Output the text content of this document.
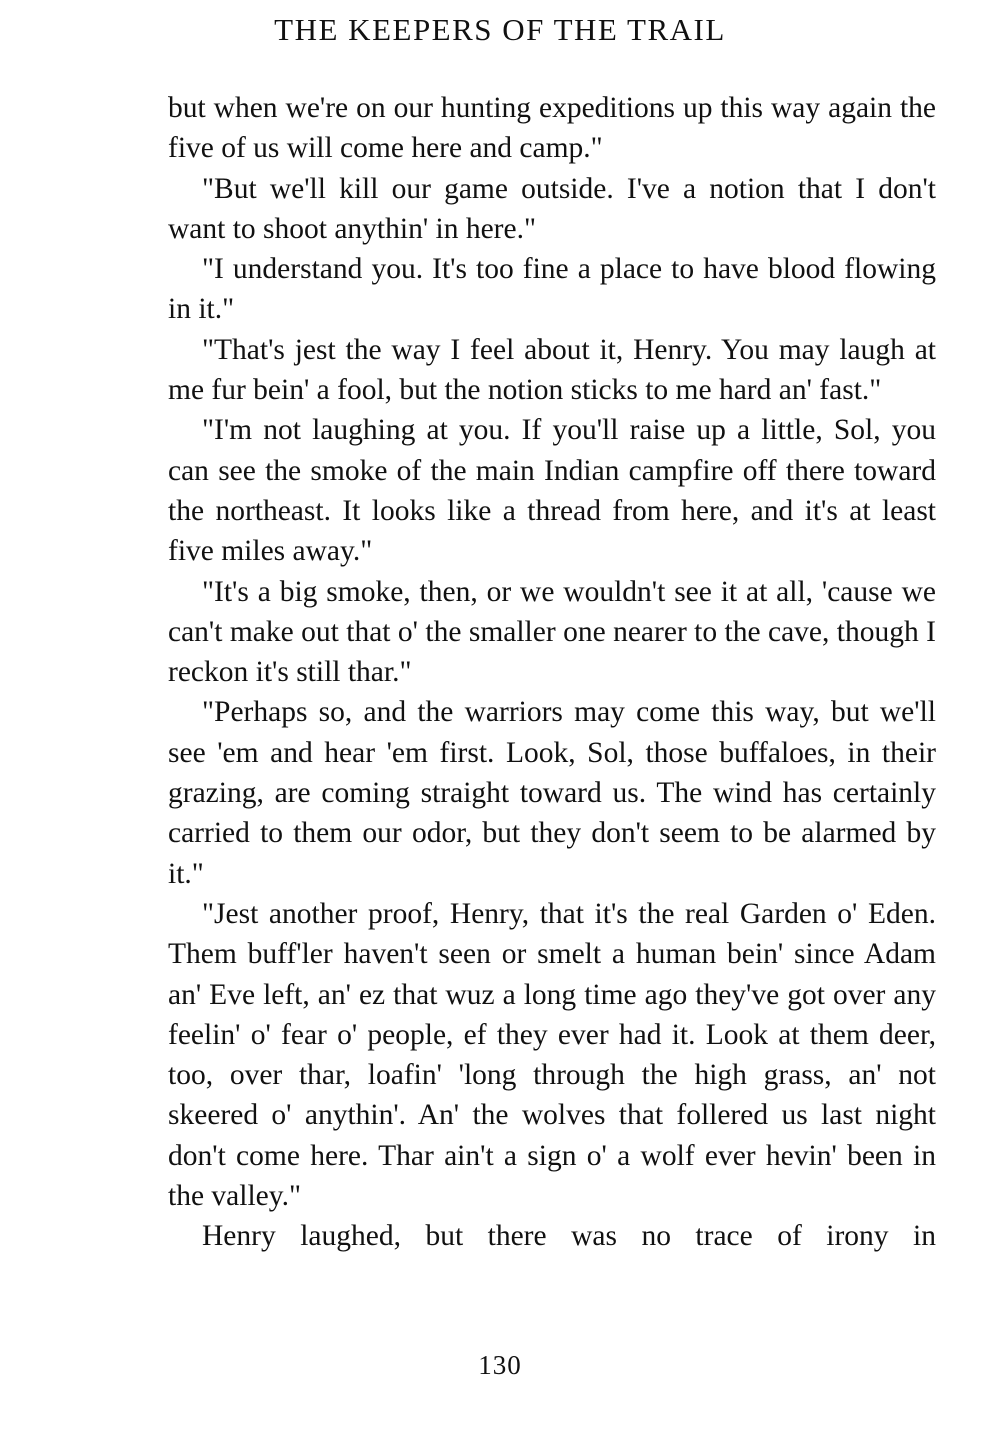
THE KEEPERS OF THE TRAIL

but when we're on our hunting expeditions up this way again the five of us will come here and camp."

"But we'll kill our game outside. I've a notion that I don't want to shoot anythin' in here."

"I understand you. It's too fine a place to have blood flowing in it."

"That's jest the way I feel about it, Henry. You may laugh at me fur bein' a fool, but the notion sticks to me hard an' fast."

"I'm not laughing at you. If you'll raise up a little, Sol, you can see the smoke of the main Indian campfire off there toward the northeast. It looks like a thread from here, and it's at least five miles away."

"It's a big smoke, then, or we wouldn't see it at all, 'cause we can't make out that o' the smaller one nearer to the cave, though I reckon it's still thar."

"Perhaps so, and the warriors may come this way, but we'll see 'em and hear 'em first. Look, Sol, those buffaloes, in their grazing, are coming straight toward us. The wind has certainly carried to them our odor, but they don't seem to be alarmed by it."

"Jest another proof, Henry, that it's the real Garden o' Eden. Them buff'ler haven't seen or smelt a human bein' since Adam an' Eve left, an' ez that wuz a long time ago they've got over any feelin' o' fear o' people, ef they ever had it. Look at them deer, too, over thar, loafin' 'long through the high grass, an' not skeered o' anythin'. An' the wolves that follered us last night don't come here. Thar ain't a sign o' a wolf ever hevin' been in the valley."

Henry laughed, but there was no trace of irony in

130
